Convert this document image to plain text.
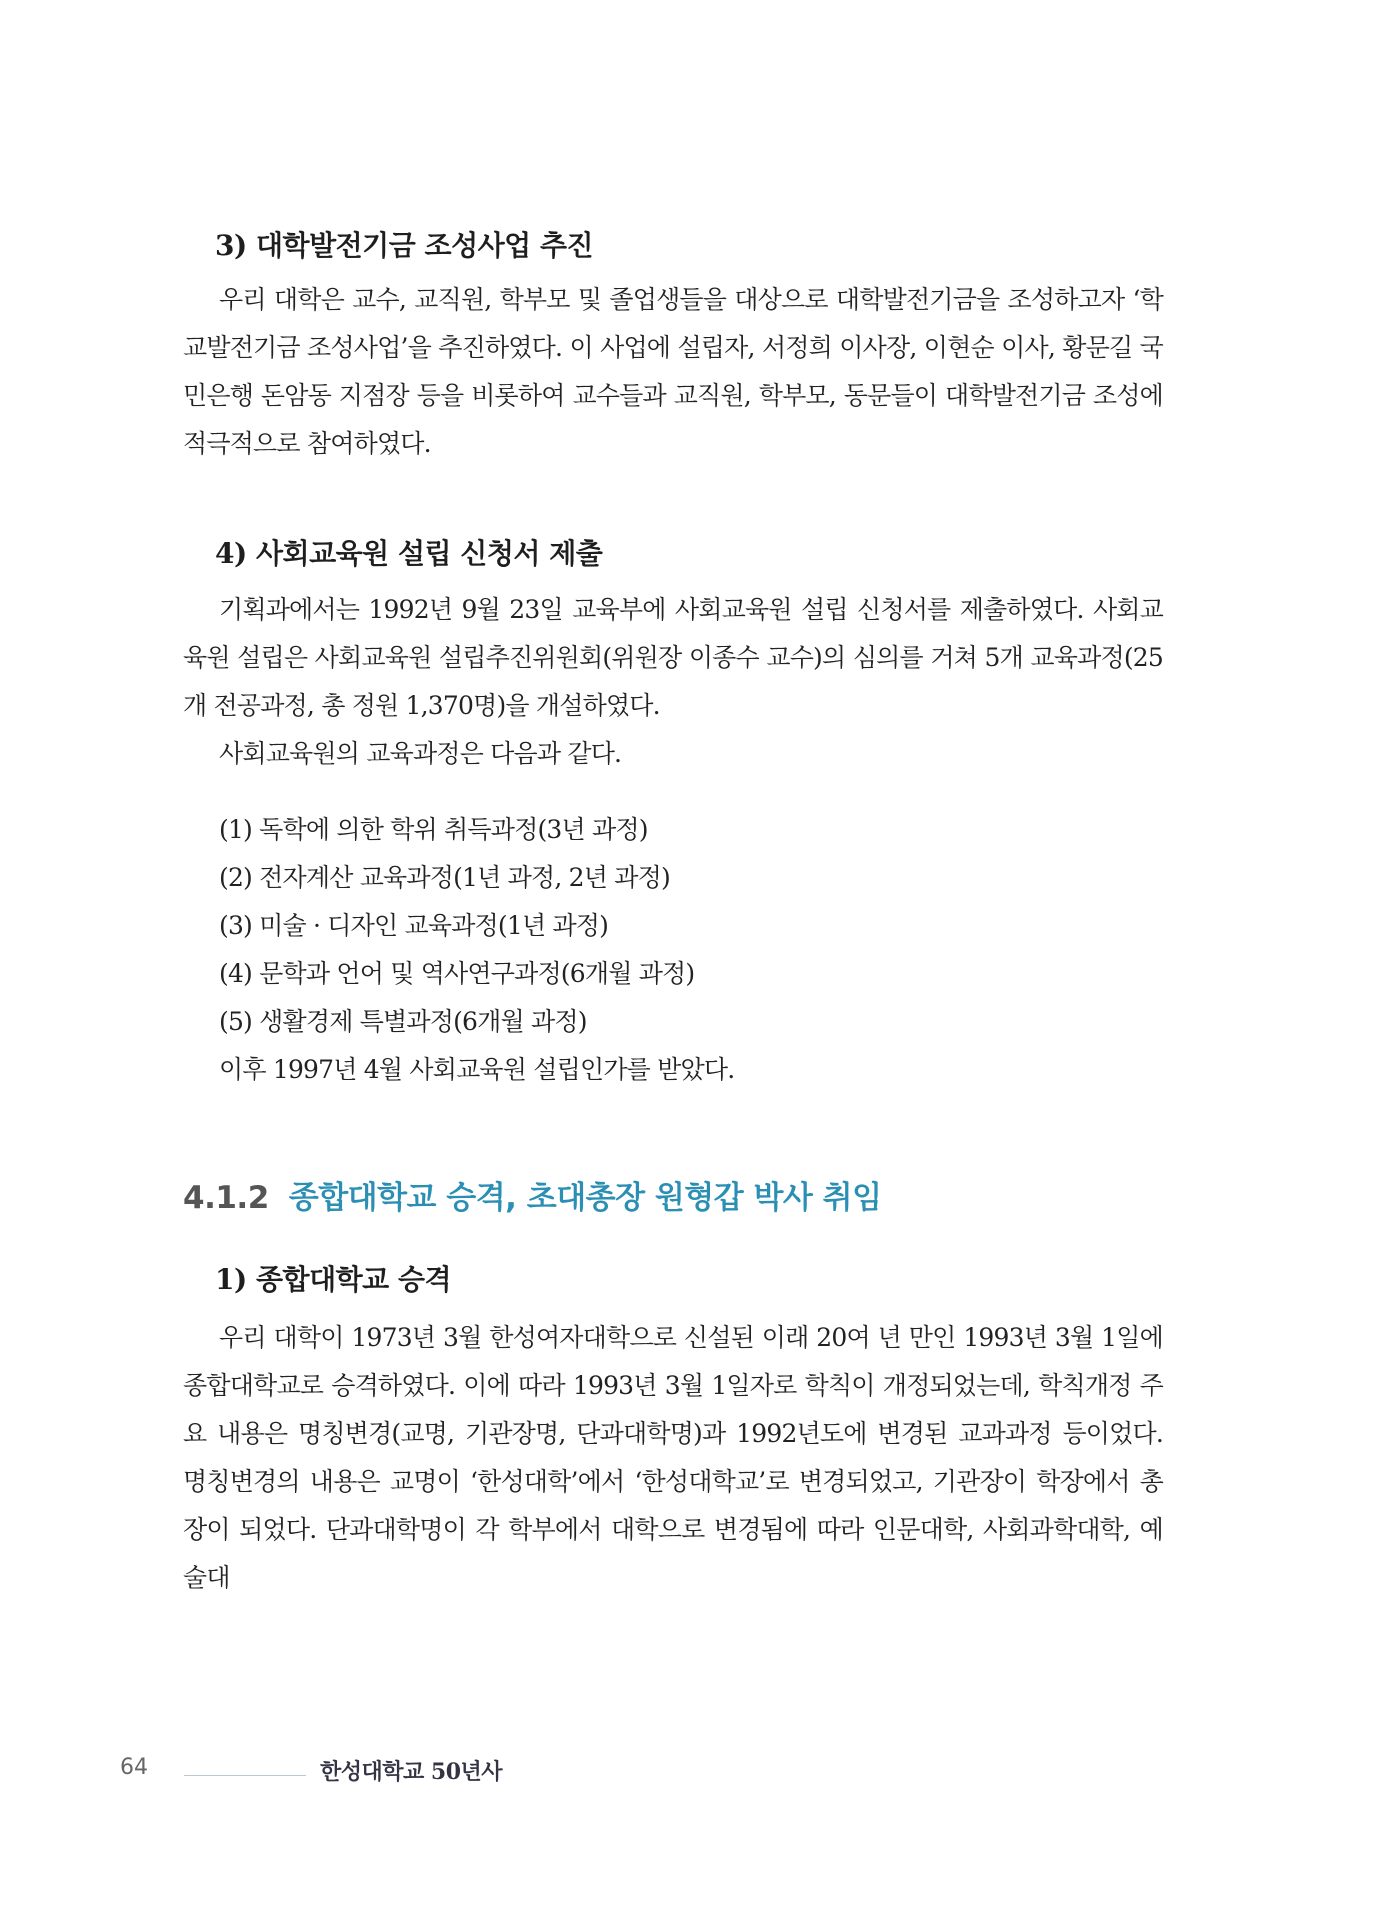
3) 대학발전기금 조성사업 추진

우리 대학은 교수, 교직원, 학부모 및 졸업생들을 대상으로 대학발전기금을 조성하고자 ‘학교발전기금 조성사업’을 추진하였다. 이 사업에 설립자, 서정희 이사장, 이현순 이사, 황문길 국민은행 돈암동 지점장 등을 비롯하여 교수들과 교직원, 학부모, 동문들이 대학발전기금 조성에 적극적으로 참여하였다.

4) 사회교육원 설립 신청서 제출

기획과에서는 1992년 9월 23일 교육부에 사회교육원 설립 신청서를 제출하였다. 사회교육원 설립은 사회교육원 설립추진위원회(위원장 이종수 교수)의 심의를 거쳐 5개 교육과정(25개 전공과정, 총 정원 1,370명)을 개설하였다.

사회교육원의 교육과정은 다음과 같다.

(1) 독학에 의한 학위 취득과정(3년 과정)
(2) 전자계산 교육과정(1년 과정, 2년 과정)
(3) 미술 · 디자인 교육과정(1년 과정)
(4) 문학과 언어 및 역사연구과정(6개월 과정)
(5) 생활경제 특별과정(6개월 과정)

이후 1997년 4월 사회교육원 설립인가를 받았다.

4.1.2 종합대학교 승격, 초대총장 원형갑 박사 취임
1) 종합대학교 승격

우리 대학이 1973년 3월 한성여자대학으로 신설된 이래 20여 년 만인 1993년 3월 1일에 종합대학교로 승격하였다. 이에 따라 1993년 3월 1일자로 학칙이 개정되었는데, 학칙개정 주요 내용은 명칭변경(교명, 기관장명, 단과대학명)과 1992년도에 변경된 교과과정 등이었다. 명칭변경의 내용은 교명이 ‘한성대학’에서 ‘한성대학교’로 변경되었고, 기관장이 학장에서 총장이 되었다. 단과대학명이 각 학부에서 대학으로 변경됨에 따라 인문대학, 사회과학대학, 예술대

64	한성대학교 50년사
